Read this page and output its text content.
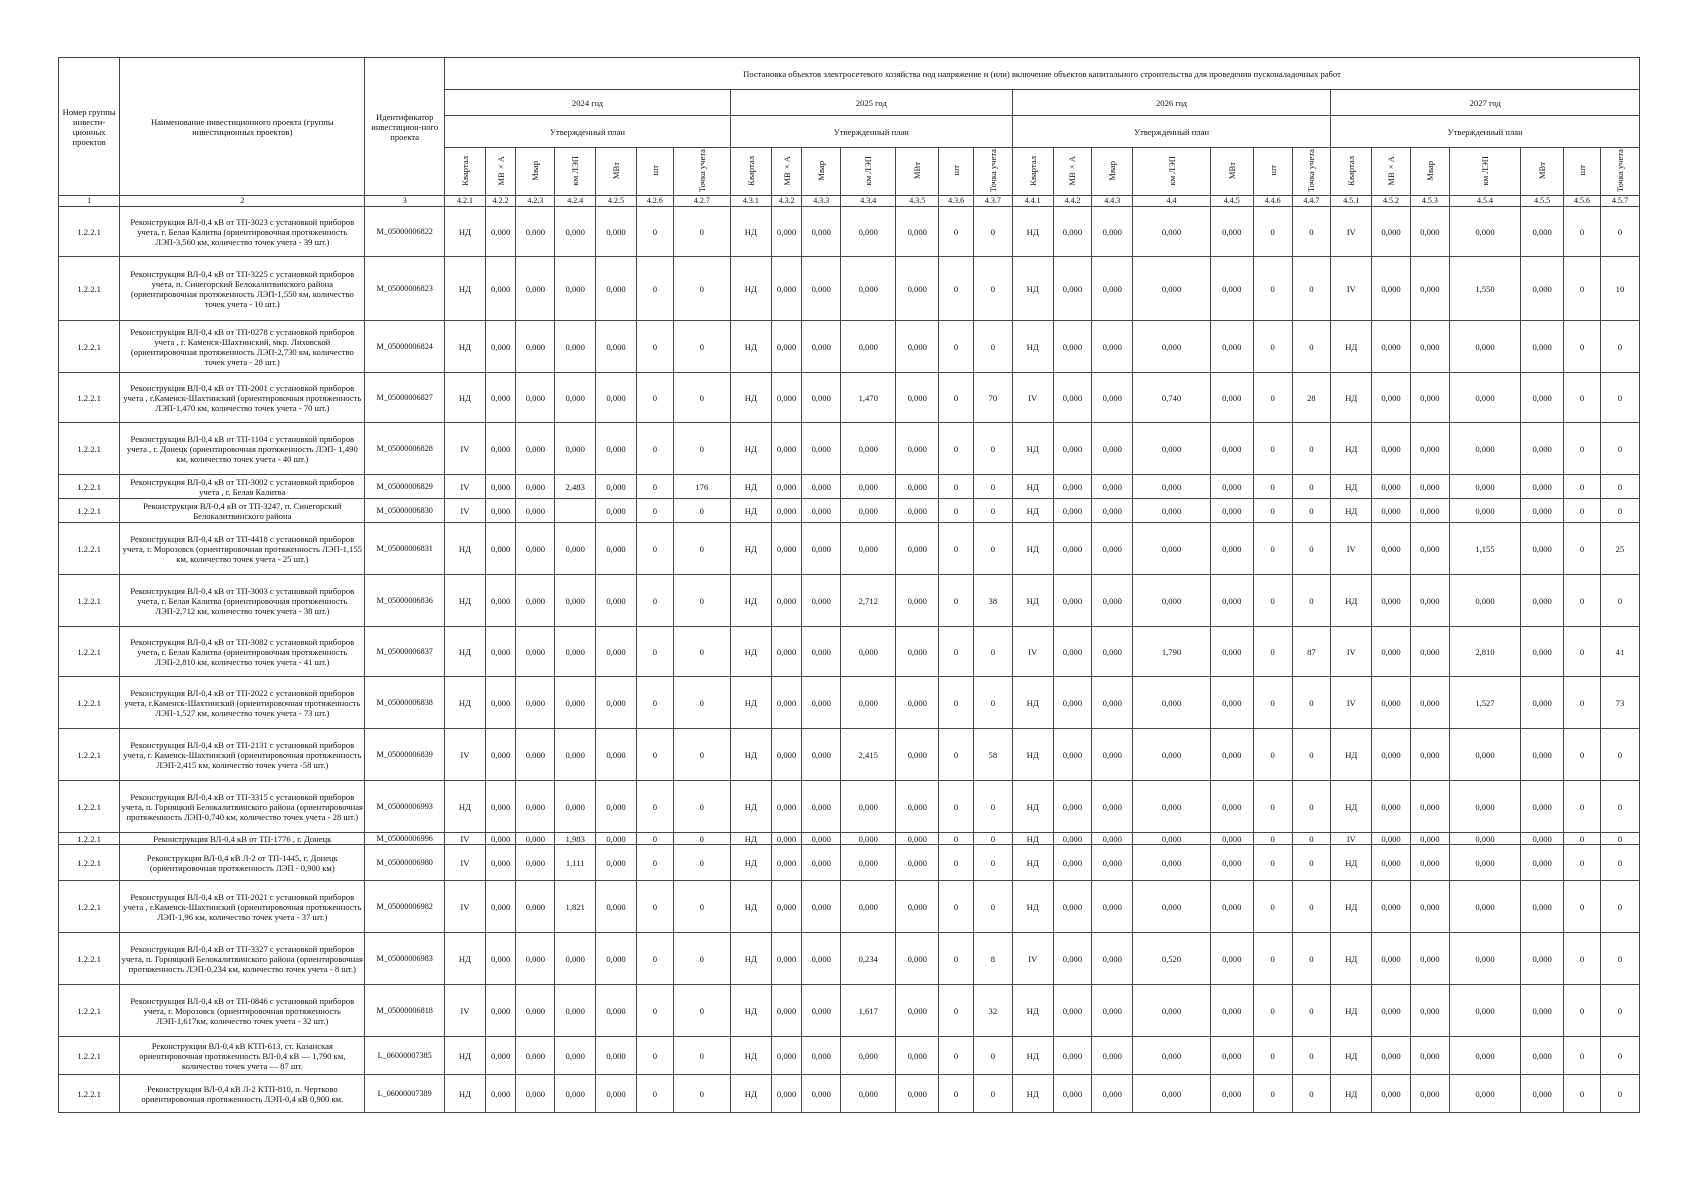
Номер группы инвести-ционных проектов	Наименование инвестиционного проекта (группы инвестиционных проектов)	Идентификатор инвестицион-ного проекта	Постановка объектов электросетевого хозяйства под напряжение и (или) включение объектов капитального строительства для проведения пусконаладочных работ																											
			2024 год							2025 год							2026 год							2027 год						
			Утвержденный план							Утвержденный план							Утвержденный план							Утвержденный план						
			Квартал	МВ×А	Мвар	км ЛЭП	МВт	шт	Точка учета	Квартал	МВ×А	Мвар	км ЛЭП	МВт	шт	Точка учета	Квартал	МВ×А	Мвар	км ЛЭП	МВт	шт	Точка учета	Квартал	МВ×А	Мвар	км ЛЭП	МВт	шт	Точка учета
1	2	3	4.2.1	4.2.2	4.2.3	4.2.4	4.2.5	4.2.6	4.2.7	4.3.1	4.3.2	4.3.3	4.3.4	4.3.5	4.3.6	4.3.7	4.4.1	4.4.2	4.4.3	4.4	4.4.5	4.4.6	4.4.7	4.5.1	4.5.2	4.5.3	4.5.4	4.5.5	4.5.6	4.5.7
1.2.2.1	Реконструкция ВЛ-0,4 кВ от ТП-3023 с установкой приборов учета, г. Белая Калитва (ориентировочная протяженность ЛЭП-3,560 км, количество точек учета - 39 шт.)	M_05000006822	НД	0,000	0,000	0,000	0,000	0	0	НД	0,000	0,000	0,000	0,000	0	0	НД	0,000	0,000	0,000	0,000	0	0	IV	0,000	0,000	0,000	0,000	0	0
1.2.2.1	Реконструкция ВЛ-0,4 кВ от ТП-3225 с установкой приборов учета, п. Синегорский Белокалитвинского района (ориентировочная протяженность ЛЭП-1,550 км, количество точек учета - 10 шт.)	M_05000006823	НД	0,000	0,000	0,000	0,000	0	0	НД	0,000	0,000	0,000	0,000	0	0	НД	0,000	0,000	0,000	0,000	0	0	IV	0,000	0,000	1,550	0,000	0	10
1.2.2.1	Реконструкция ВЛ-0,4 кВ от ТП-0278 с установкой приборов учета , г. Каменск-Шахтинский, мкр. Лиховской (ориентировочная протяженность ЛЭП-2,730 км, количество точек учета - 28 шт.)	M_05000006824	НД	0,000	0,000	0,000	0,000	0	0	НД	0,000	0,000	0,000	0,000	0	0	НД	0,000	0,000	0,000	0,000	0	0	НД	0,000	0,000	0,000	0,000	0	0
1.2.2.1	Реконструкция ВЛ-0,4 кВ от ТП-2001 с установкой приборов учета , г.Каменск-Шахтинский (ориентировочная протяженность ЛЭП-1,470 км, количество точек учета - 70 шт.)	M_05000006827	НД	0,000	0,000	0,000	0,000	0	0	НД	0,000	0,000	1,470	0,000	0	70	IV	0,000	0,000	0,740	0,000	0	28	НД	0,000	0,000	0,000	0,000	0	0
1.2.2.1	Реконструкция ВЛ-0,4 кВ от ТП-1104 с установкой приборов учета , г. Донецк (ориентировочная протяженность ЛЭП- 1,490 км, количество точек учета - 40 шт.)	M_05000006828	IV	0,000	0,000	0,000	0,000	0	0	НД	0,000	0,000	0,000	0,000	0	0	НД	0,000	0,000	0,000	0,000	0	0	НД	0,000	0,000	0,000	0,000	0	0
1.2.2.1	Реконструкция ВЛ-0,4 кВ от ТП-3002 с установкой приборов учета , г. Белая Калитва	M_05000006829	IV	0,000	0,000	2,483	0,000	0	176	НД	0,000	0,000	0,000	0,000	0	0	НД	0,000	0,000	0,000	0,000	0	0	НД	0,000	0,000	0,000	0,000	0	0
1.2.2.1	Реконструкция ВЛ-0,4 кВ от ТП-3247, п. Синегорский Белокалитвинского района	M_05000006830	IV	0,000	0,000		0,000	0	0	НД	0,000	0,000	0,000	0,000	0	0	НД	0,000	0,000	0,000	0,000	0	0	НД	0,000	0,000	0,000	0,000	0	0
1.2.2.1	Реконструкция ВЛ-0,4 кВ от ТП-4418 с установкой приборов учета, г. Морозовск (ориентировочная протяженность ЛЭП-1,155 км, количество точек учета - 25 шт.)	M_05000006831	НД	0,000	0,000	0,000	0,000	0	0	НД	0,000	0,000	0,000	0,000	0	0	НД	0,000	0,000	0,000	0,000	0	0	IV	0,000	0,000	1,155	0,000	0	25
1.2.2.1	Реконструкция ВЛ-0,4 кВ от ТП-3003 с установкой приборов учета, г. Белая Калитва (ориентировочная протяженность ЛЭП-2,712 км, количество точек учета - 38 шт.)	M_05000006836	НД	0,000	0,000	0,000	0,000	0	0	НД	0,000	0,000	2,712	0,000	0	38	НД	0,000	0,000	0,000	0,000	0	0	НД	0,000	0,000	0,000	0,000	0	0
1.2.2.1	Реконструкция ВЛ-0,4 кВ от ТП-3082 с установкой приборов учета, г. Белая Калитва (ориентировочная протяженность ЛЭП-2,810 км, количество точек учета - 41 шт.)	M_05000006837	НД	0,000	0,000	0,000	0,000	0	0	НД	0,000	0,000	0,000	0,000	0	0	IV	0,000	0,000	1,790	0,000	0	87	IV	0,000	0,000	2,810	0,000	0	41
1.2.2.1	Реконструкция ВЛ-0,4 кВ от ТП-2022 с установкой приборов учета, г.Каменск-Шахтинский (ориентировочная протяженность ЛЭП-1,527 км, количество точек учета - 73 шт.)	M_05000006838	НД	0,000	0,000	0,000	0,000	0	0	НД	0,000	0,000	0,000	0,000	0	0	НД	0,000	0,000	0,000	0,000	0	0	IV	0,000	0,000	1,527	0,000	0	73
1.2.2.1	Реконструкция ВЛ-0,4 кВ от ТП-2131 с установкой приборов учета, г. Каменск-Шахтинский (ориентировочная протяженность ЛЭП-2,415 км, количество точек учета -58 шт.)	M_05000006839	IV	0,000	0,000	0,000	0,000	0	0	НД	0,000	0,000	2,415	0,000	0	58	НД	0,000	0,000	0,000	0,000	0	0	НД	0,000	0,000	0,000	0,000	0	0
1.2.2.1	Реконструкция ВЛ-0,4 кВ от ТП-3315 с установкой приборов учета, п. Горняцкий Белокалитвинского района (ориентировочная протяженность ЛЭП-0,740 км, количество точек учета - 28 шт.)	M_05000006993	НД	0,000	0,000	0,000	0,000	0	0	НД	0,000	0,000	0,000	0,000	0	0	НД	0,000	0,000	0,000	0,000	0	0	НД	0,000	0,000	0,000	0,000	0	0
1.2.2.1	Реконструкция ВЛ-0,4 кВ от ТП-1776 , г. Донецк	M_05000006996	IV	0,000	0,000	1,983	0,000	0	0	НД	0,000	0,000	0,000	0,000	0	0	НД	0,000	0,000	0,000	0,000	0	0	IV	0,000	0,000	0,000	0,000	0	0
1.2.2.1	Реконструкция ВЛ-0,4 кВ Л-2 от ТП-1445, г. Донецк (ориентировочная протяженность ЛЭП - 0,900 км)	M_05000006980	IV	0,000	0,000	1,111	0,000	0	0	НД	0,000	0,000	0,000	0,000	0	0	НД	0,000	0,000	0,000	0,000	0	0	НД	0,000	0,000	0,000	0,000	0	0
1.2.2.1	Реконструкция ВЛ-0,4 кВ от ТП-2021 с установкой приборов учета , г.Каменск-Шахтинский (ориентировочная протяженность ЛЭП-1,96 км, количество точек учета - 37 шт.)	M_05000006982	IV	0,000	0,000	1,821	0,000	0	0	НД	0,000	0,000	0,000	0,000	0	0	НД	0,000	0,000	0,000	0,000	0	0	НД	0,000	0,000	0,000	0,000	0	0
1.2.2.1	Реконструкция ВЛ-0,4 кВ от ТП-3327 с установкой приборов учета, п. Горняцкий Белокалитвинского района (ориентировочная протяженность ЛЭП-0,234 км, количество точек учета - 8 шт.)	M_05000006983	НД	0,000	0,000	0,000	0,000	0	0	НД	0,000	0,000	0,234	0,000	0	8	IV	0,000	0,000	0,520	0,000	0	0	НД	0,000	0,000	0,000	0,000	0	0
1.2.2.1	Реконструкция ВЛ-0,4 кВ от ТП-0846 с установкой приборов учета, г. Морозовск (ориентировочная протяженность ЛЭП-1,617км, количество точек учета - 32 шт.)	M_05000006818	IV	0,000	0,000	0,000	0,000	0	0	НД	0,000	0,000	1,617	0,000	0	32	НД	0,000	0,000	0,000	0,000	0	0	НД	0,000	0,000	0,000	0,000	0	0
1.2.2.1	Реконструкция ВЛ-0,4 кВ КТП-613, ст. Казанская ориентировочная протяженность ВЛ-0,4 кВ — 1,790 км, количество точек учета — 87 шт.	L_06000007385	НД	0,000	0,000	0,000	0,000	0	0	НД	0,000	0,000	0,000	0,000	0	0	НД	0,000	0,000	0,000	0,000	0	0	НД	0,000	0,000	0,000	0,000	0	0
1.2.2.1	Реконструкция ВЛ-0,4 кВ Л-2 КТП-810, п. Чертково ориентировочная протяженность ЛЭП-0,4 кВ 0,900 км.	L_06000007389	НД	0,000	0,000	0,000	0,000	0	0	НД	0,000	0,000	0,000	0,000	0	0	НД	0,000	0,000	0,000	0,000	0	0	НД	0,000	0,000	0,000	0,000	0	0
